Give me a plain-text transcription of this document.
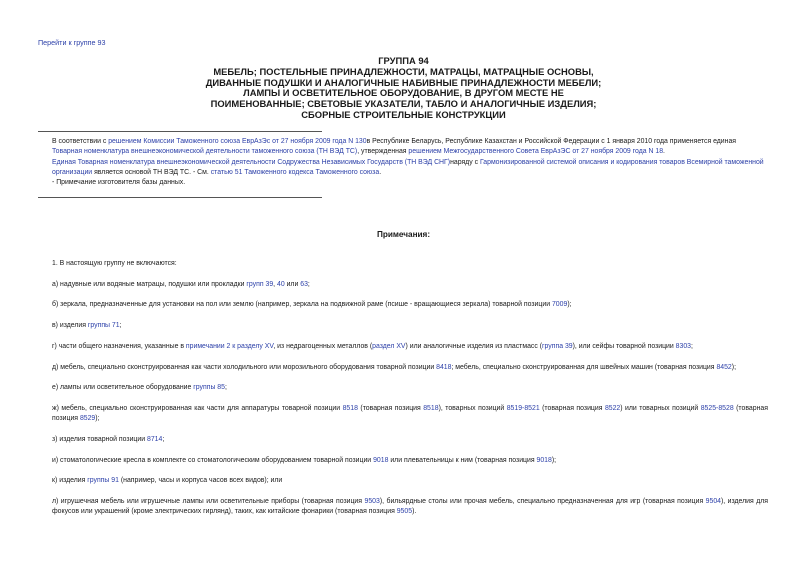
Перейти к группе 93
ГРУППА 94
МЕБЕЛЬ; ПОСТЕЛЬНЫЕ ПРИНАДЛЕЖНОСТИ, МАТРАЦЫ, МАТРАЦНЫЕ ОСНОВЫ,
ДИВАННЫЕ ПОДУШКИ И АНАЛОГИЧНЫЕ НАБИВНЫЕ ПРИНАДЛЕЖНОСТИ МЕБЕЛИ;
ЛАМПЫ И ОСВЕТИТЕЛЬНОЕ ОБОРУДОВАНИЕ, В ДРУГОМ МЕСТЕ НЕ
ПОИМЕНОВАННЫЕ; СВЕТОВЫЕ УКАЗАТЕЛИ, ТАБЛО И АНАЛОГИЧНЫЕ ИЗДЕЛИЯ;
СБОРНЫЕ СТРОИТЕЛЬНЫЕ КОНСТРУКЦИИ

В соответствии с решением Комиссии Таможенного союза ЕврАзЭс от 27 ноября 2009 года N 130в Республике Беларусь, Республике Казахстан и Российской Федерации с 1 января 2010 года применяется единая Товарная номенклатура внешнеэкономической деятельности таможенного союза (ТН ВЭД ТС), утвержденная решением Межгосударственного Совета ЕврАзЭС от 27 ноября 2009 года N 18.

Единая Товарная номенклатура внешнеэкономической деятельности Содружества Независимых Государств (ТН ВЭД СНГ)наряду с Гармонизированной системой описания и кодирования товаров Всемирной таможенной организации является основой ТН ВЭД ТС. - См. статью 51 Таможенного кодекса Таможенного союза.

- Примечание изготовителя базы данных.

Примечания:
1. В настоящую группу не включаются:
а) надувные или водяные матрацы, подушки или прокладки групп 39, 40 или 63;
б) зеркала, предназначенные для установки на пол или землю (например, зеркала на подвижной раме (псише - вращающиеся зеркала) товарной позиции 7009);
в) изделия группы 71;
г) части общего назначения, указанные в примечании 2 к разделу XV, из недрагоценных металлов (раздел XV) или аналогичные изделия из пластмасс (группа 39), или сейфы товарной позиции 8303;
д) мебель, специально сконструированная как части холодильного или морозильного оборудования товарной позиции 8418; мебель, специально сконструированная для швейных машин (товарная позиция 8452);
е) лампы или осветительное оборудование группы 85;
ж) мебель, специально сконструированная как части для аппаратуры товарной позиции 8518 (товарная позиция 8518), товарных позиций 8519-8521 (товарная позиция 8522) или товарных позиций 8525-8528 (товарная позиция 8529);
з) изделия товарной позиции 8714;
и) стоматологические кресла в комплекте со стоматологическим оборудованием товарной позиции 9018 или плевательницы к ним (товарная позиция 9018);
к) изделия группы 91 (например, часы и корпуса часов всех видов); или
л) игрушечная мебель или игрушечные лампы или осветительные приборы (товарная позиция 9503), бильярдные столы или прочая мебель, специально предназначенная для игр (товарная позиция 9504), изделия для фокусов или украшений (кроме электрических гирлянд), таких, как китайские фонарики (товарная позиция 9505).
